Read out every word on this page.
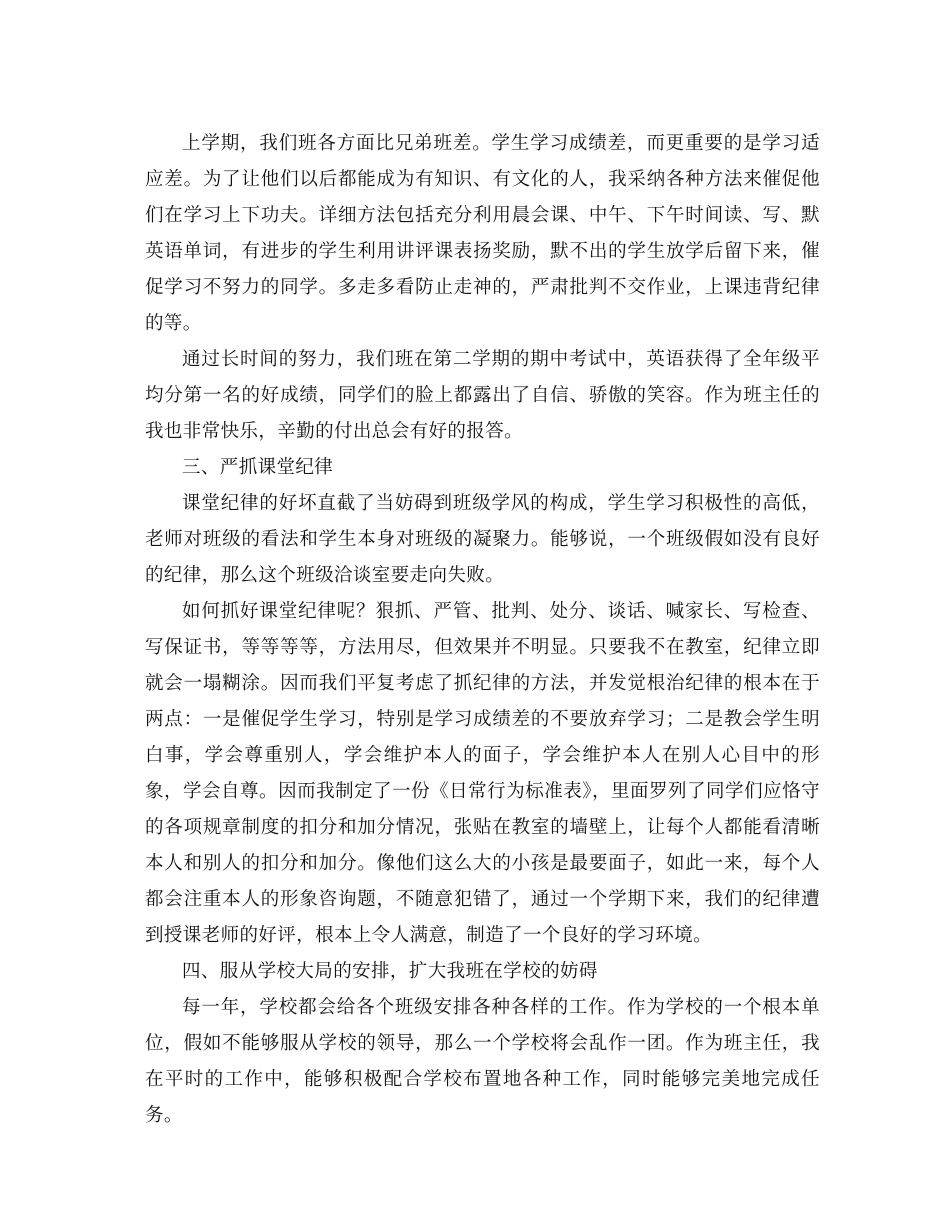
上学期，我们班各方面比兄弟班差。学生学习成绩差，而更重要的是学习适应差。为了让他们以后都能成为有知识、有文化的人，我采纳各种方法来催促他们在学习上下功夫。详细方法包括充分利用晨会课、中午、下午时间读、写、默英语单词，有进步的学生利用讲评课表扬奖励，默不出的学生放学后留下来，催促学习不努力的同学。多走多看防止走神的，严肃批判不交作业，上课违背纪律的等。

通过长时间的努力，我们班在第二学期的期中考试中，英语获得了全年级平均分第一名的好成绩，同学们的脸上都露出了自信、骄傲的笑容。作为班主任的我也非常快乐，辛勤的付出总会有好的报答。

三、严抓课堂纪律

课堂纪律的好坏直截了当妨碍到班级学风的构成，学生学习积极性的高低，老师对班级的看法和学生本身对班级的凝聚力。能够说，一个班级假如没有良好的纪律，那么这个班级洽谈室要走向失败。

如何抓好课堂纪律呢？狠抓、严管、批判、处分、谈话、喊家长、写检查、写保证书，等等等等，方法用尽，但效果并不明显。只要我不在教室，纪律立即就会一塌糊涂。因而我们平复考虑了抓纪律的方法，并发觉根治纪律的根本在于两点：一是催促学生学习，特别是学习成绩差的不要放弃学习；二是教会学生明白事，学会尊重别人，学会维护本人的面子，学会维护本人在别人心目中的形象，学会自尊。因而我制定了一份《日常行为标准表》，里面罗列了同学们应恪守的各项规章制度的扣分和加分情况，张贴在教室的墙壁上，让每个人都能看清晰本人和别人的扣分和加分。像他们这么大的小孩是最要面子，如此一来，每个人都会注重本人的形象咨询题，不随意犯错了，通过一个学期下来，我们的纪律遭到授课老师的好评，根本上令人满意，制造了一个良好的学习环境。

四、服从学校大局的安排，扩大我班在学校的妨碍

每一年，学校都会给各个班级安排各种各样的工作。作为学校的一个根本单位，假如不能够服从学校的领导，那么一个学校将会乱作一团。作为班主任，我在平时的工作中，能够积极配合学校布置地各种工作，同时能够完美地完成任务。
